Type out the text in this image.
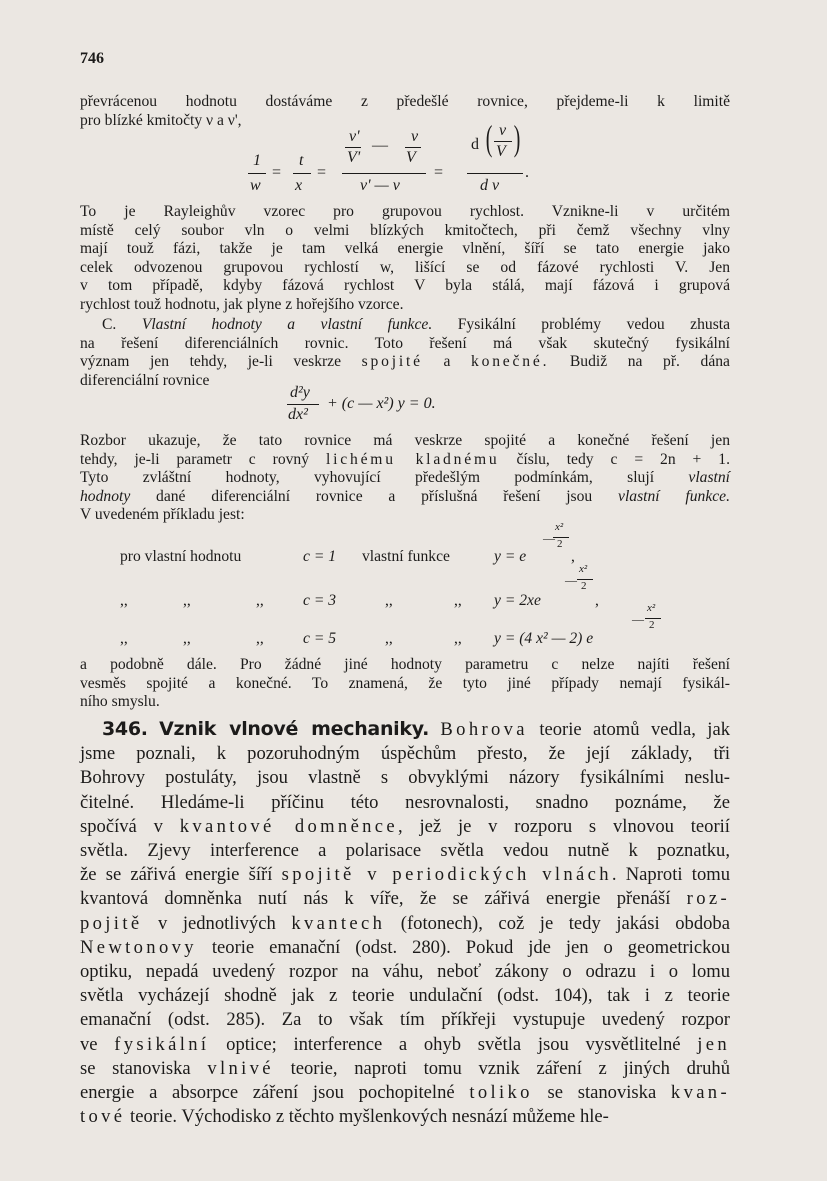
746
převrácenou hodnotu dostáváme z předešlé rovnice, přejdeme-li k limitě
pro blízké kmitočty ν a ν',
1
w
=
t
x
=
ν'
V'
—
ν
V
ν' — ν
=
d ( ν
V )
d ν
.
To je Rayleighův vzorec pro grupovou rychlost. Vznikne-li v určitém
místě celý soubor vln o velmi blízkých kmitočtech, při čemž všechny vlny
mají touž fázi, takže je tam velká energie vlnění, šíří se tato energie jako
celek odvozenou grupovou rychlostí w, lišící se od fázové rychlosti V. Jen
v tom případě, kdyby fázová rychlost V byla stálá, mají fázová i grupová
rychlost touž hodnotu, jak plyne z hořejšího vzorce.
C. Vlastní hodnoty a vlastní funkce. Fysikální problémy vedou zhusta
na řešení diferenciálních rovnic. Toto řešení má však skutečný fysikální
význam jen tehdy, je-li veskrze spojité a konečné. Budiž na př. dána
diferenciální rovnice
d²y
dx²
+ (c — x²) y = 0.
Rozbor ukazuje, že tato rovnice má veskrze spojité a konečné řešení jen
tehdy, je-li parametr c rovný lichému kladnému číslu, tedy c = 2n + 1.
Tyto zvláštní hodnoty, vyhovující předešlým podmínkám, slují vlastní
hodnoty dané diferenciální rovnice a příslušná řešení jsou vlastní funkce.
V uvedeném příkladu jest:
pro vlastní hodnotu	c = 1 vlastní funkce	y = e
—
x²
2
,
,,	,,	,,	c = 3	,,	,, y = 2xe
—
x²
2
,
,,	,,	,,	c = 5	,,	,, y = (4 x² — 2) e
—
x²
2
a podobně dále. Pro žádné jiné hodnoty parametru c nelze najíti řešení
vesměs spojité a konečné. To znamená, že tyto jiné případy nemají fysikál-
ního smyslu.
346. Vznik vlnové mechaniky. Bohrova teorie atomů vedla, jak
jsme poznali, k pozoruhodným úspěchům přesto, že její základy, tři
Bohrovy postuláty, jsou vlastně s obvyklými názory fysikálními neslu-
čitelné. Hledáme-li příčinu této nesrovnalosti, snadno poznáme, že
spočívá v kvantové domněnce, jež je v rozporu s vlnovou teorií
světla. Zjevy interference a polarisace světla vedou nutně k poznatku,
že se zářivá energie šíří spojitě v periodických vlnách. Naproti tomu
kvantová domněnka nutí nás k víře, že se zářivá energie přenáší roz-
pojitě v jednotlivých kvantech (fotonech), což je tedy jakási obdoba
Newtonovy teorie emanační (odst. 280). Pokud jde jen o geometrickou
optiku, nepadá uvedený rozpor na váhu, neboť zákony o odrazu i o lomu
světla vycházejí shodně jak z teorie undulační (odst. 104), tak i z teorie
emanační (odst. 285). Za to však tím příkřeji vystupuje uvedený rozpor
ve fysikální optice; interference a ohyb světla jsou vysvětlitelné jen
se stanoviska vlnivé teorie, naproti tomu vznik záření z jiných druhů
energie a absorpce záření jsou pochopitelné toliko se stanoviska kvan-
tové teorie. Východisko z těchto myšlenkových nesnází můžeme hle-
